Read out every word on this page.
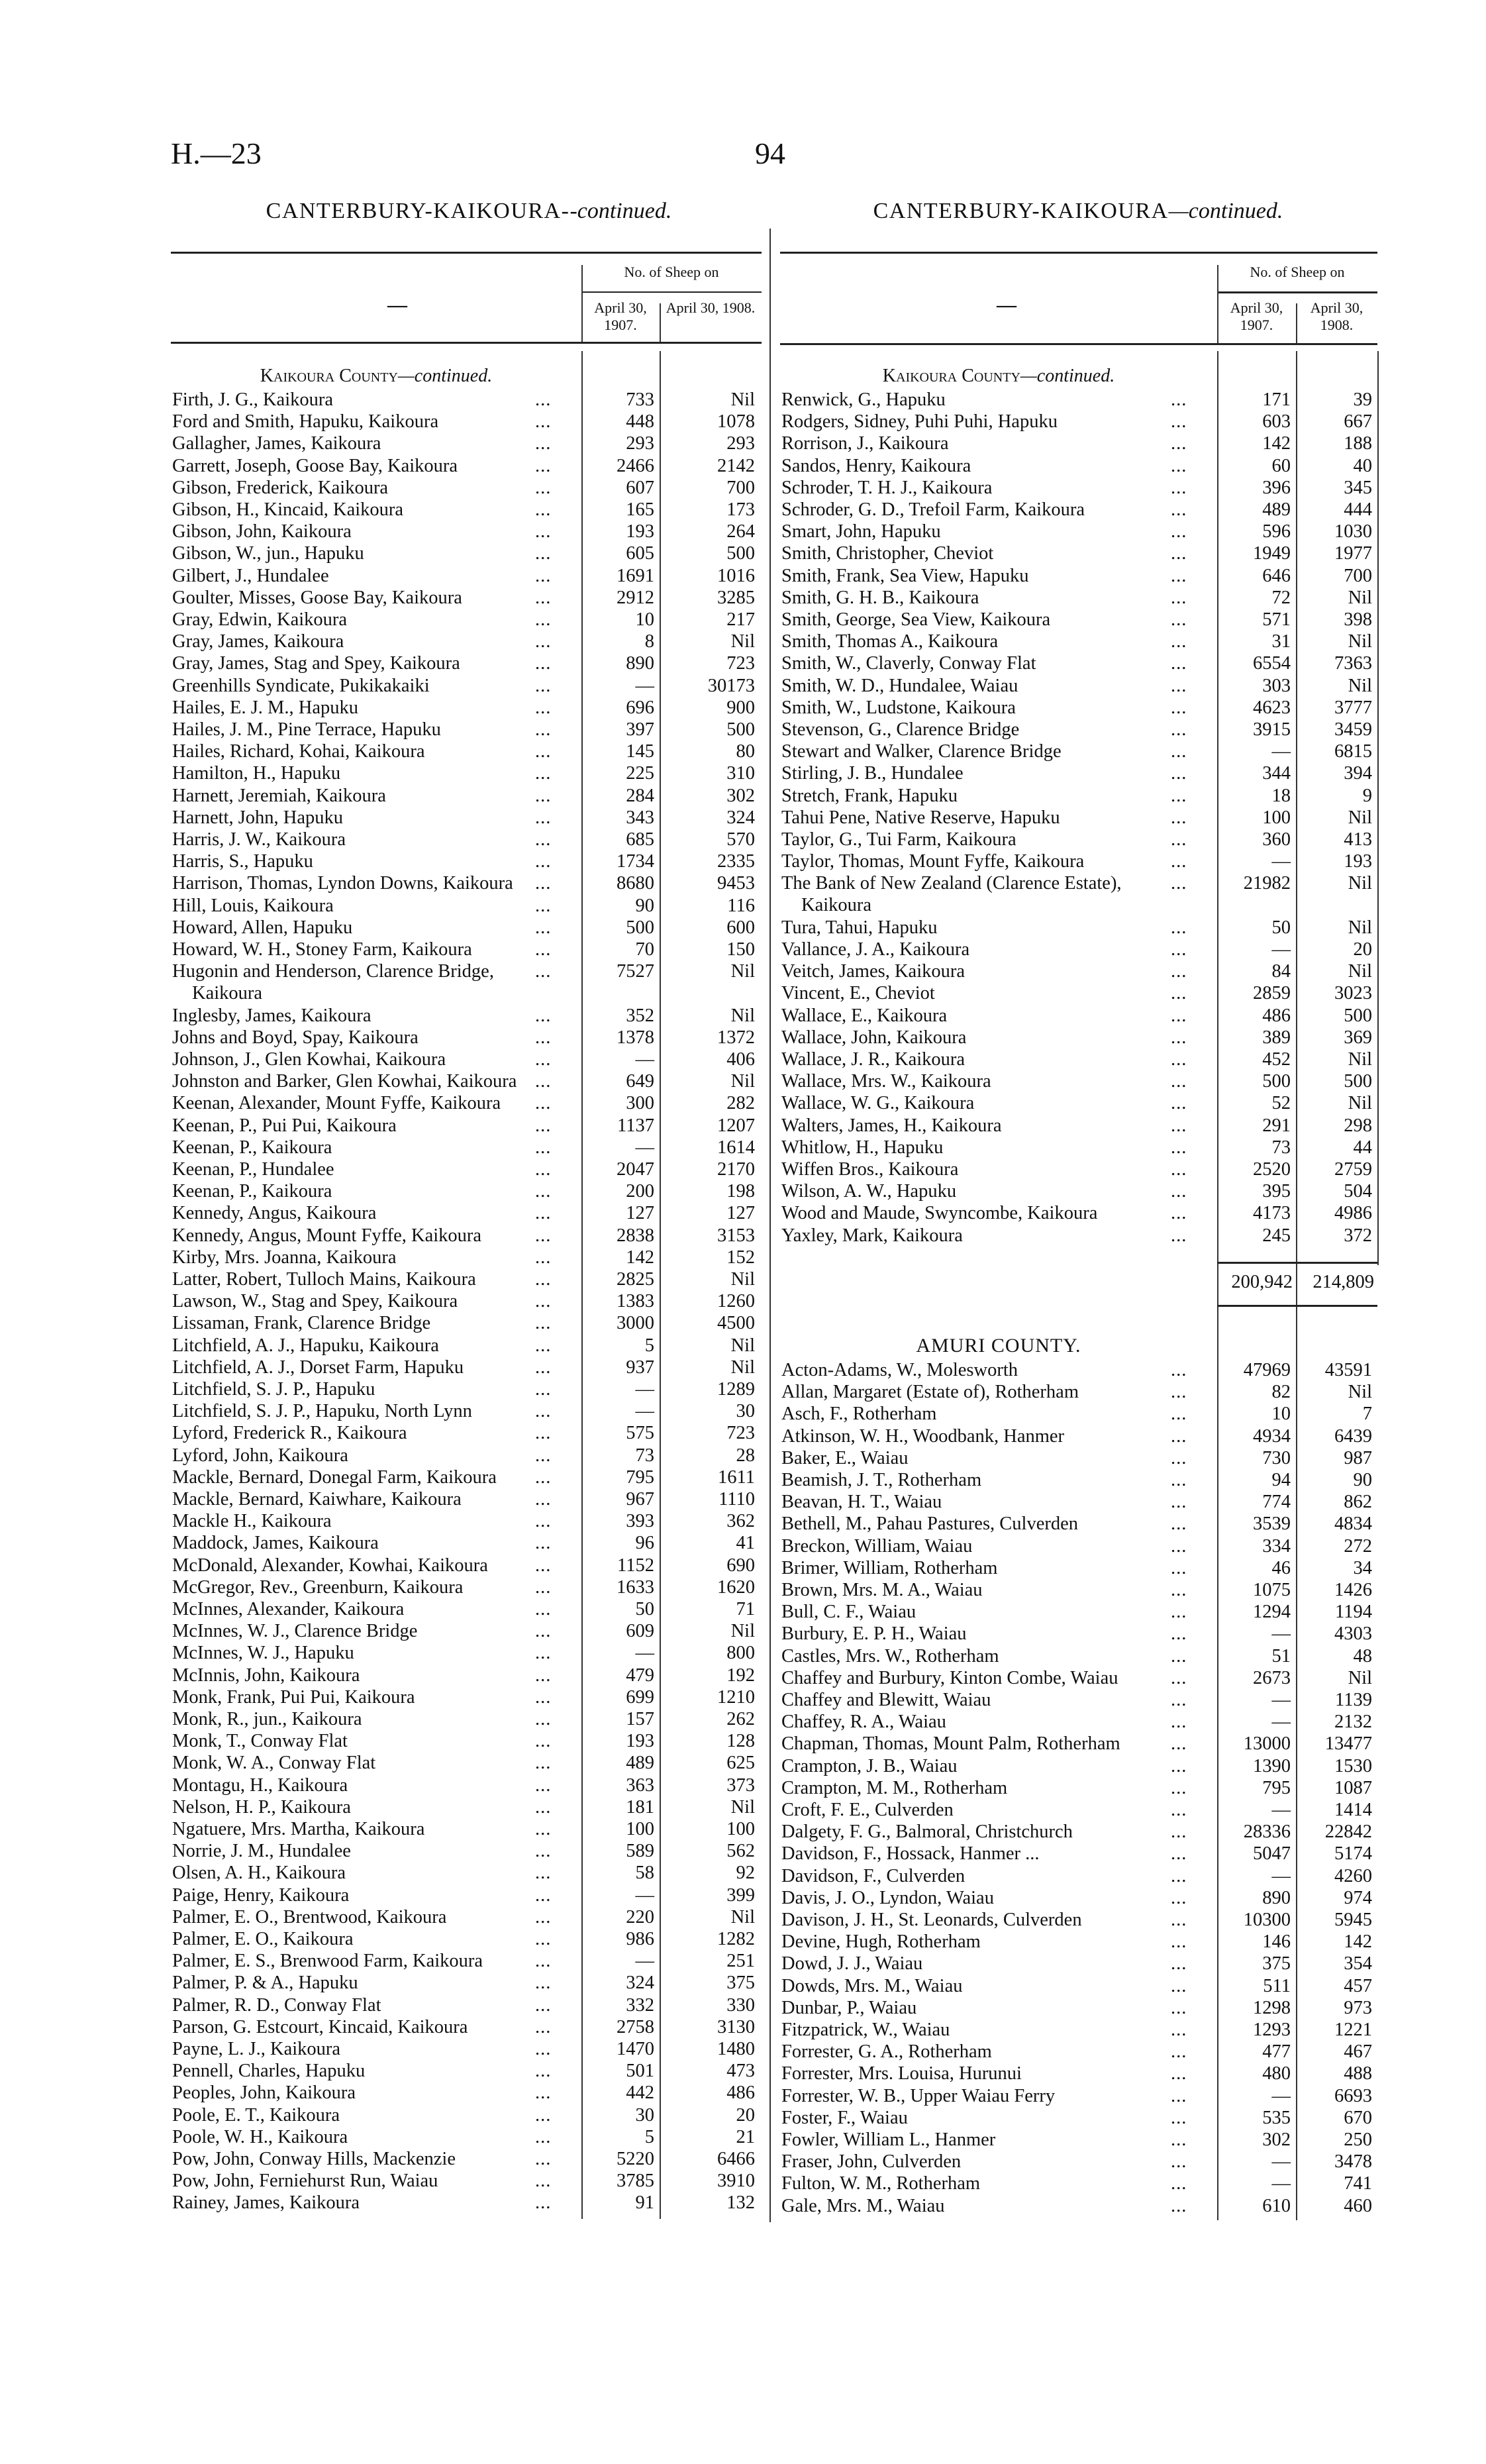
H.—23	94
CANTERBURY-KAIKOURA--continued.
No. of Sheep on
April 30, 1907.
April 30, 1908.
—
Kaikoura County—continued.
...
Firth, J. G., Kaikoura	733	Nil
...
Ford and Smith, Hapuku, Kaikoura	448	1078
...
Gallagher, James, Kaikoura	293	293
...
Garrett, Joseph, Goose Bay, Kaikoura	2466	2142
...
Gibson, Frederick, Kaikoura	607	700
...
Gibson, H., Kincaid, Kaikoura	165	173
...
Gibson, John, Kaikoura	193	264
...
Gibson, W., jun., Hapuku	605	500
...
Gilbert, J., Hundalee	1691	1016
...
Goulter, Misses, Goose Bay, Kaikoura	2912	3285
...
Gray, Edwin, Kaikoura	10	217
...
Gray, James, Kaikoura	8	Nil
...
Gray, James, Stag and Spey, Kaikoura	890	723
...
Greenhills Syndicate, Pukikakaiki	—	30173
...
Hailes, E. J. M., Hapuku	696	900
...
Hailes, J. M., Pine Terrace, Hapuku	397	500
...
Hailes, Richard, Kohai, Kaikoura	145	80
...
Hamilton, H., Hapuku	225	310
...
Harnett, Jeremiah, Kaikoura	284	302
...
Harnett, John, Hapuku	343	324
...
Harris, J. W., Kaikoura	685	570
...
Harris, S., Hapuku	1734	2335
...
Harrison, Thomas, Lyndon Downs, Kaikoura	8680	9453
...
Hill, Louis, Kaikoura	90	116
...
Howard, Allen, Hapuku	500	600
...
Howard, W. H., Stoney Farm, Kaikoura	70	150
...
Hugonin and Henderson, Clarence Bridge,
Kaikoura
7527	Nil
...
Inglesby, James, Kaikoura	352	Nil
...
Johns and Boyd, Spay, Kaikoura	1378	1372
...
Johnson, J., Glen Kowhai, Kaikoura	—	406
...
Johnston and Barker, Glen Kowhai, Kaikoura	649	Nil
...
Keenan, Alexander, Mount Fyffe, Kaikoura	300	282
...
Keenan, P., Pui Pui, Kaikoura	1137	1207
...
Keenan, P., Kaikoura	—	1614
...
Keenan, P., Hundalee	2047	2170
...
Keenan, P., Kaikoura	200	198
...
Kennedy, Angus, Kaikoura	127	127
...
Kennedy, Angus, Mount Fyffe, Kaikoura	2838	3153
...
Kirby, Mrs. Joanna, Kaikoura	142	152
...
Latter, Robert, Tulloch Mains, Kaikoura	2825	Nil
...
Lawson, W., Stag and Spey, Kaikoura	1383	1260
...
Lissaman, Frank, Clarence Bridge	3000	4500
...
Litchfield, A. J., Hapuku, Kaikoura	5	Nil
...
Litchfield, A. J., Dorset Farm, Hapuku	937	Nil
...
Litchfield, S. J. P., Hapuku	—	1289
...
Litchfield, S. J. P., Hapuku, North Lynn	—	30
...
Lyford, Frederick R., Kaikoura	575	723
...
Lyford, John, Kaikoura	73	28
...
Mackle, Bernard, Donegal Farm, Kaikoura	795	1611
...
Mackle, Bernard, Kaiwhare, Kaikoura	967	1110
...
Mackle H., Kaikoura	393	362
...
Maddock, James, Kaikoura	96	41
...
McDonald, Alexander, Kowhai, Kaikoura	1152	690
...
McGregor, Rev., Greenburn, Kaikoura	1633	1620
...
McInnes, Alexander, Kaikoura	50	71
...
McInnes, W. J., Clarence Bridge	609	Nil
...
McInnes, W. J., Hapuku	—	800
...
McInnis, John, Kaikoura	479	192
...
Monk, Frank, Pui Pui, Kaikoura	699	1210
...
Monk, R., jun., Kaikoura	157	262
...
Monk, T., Conway Flat	193	128
...
Monk, W. A., Conway Flat	489	625
...
Montagu, H., Kaikoura	363	373
...
Nelson, H. P., Kaikoura	181	Nil
...
Ngatuere, Mrs. Martha, Kaikoura	100	100
...
Norrie, J. M., Hundalee	589	562
...
Olsen, A. H., Kaikoura	58	92
...
Paige, Henry, Kaikoura	—	399
...
Palmer, E. O., Brentwood, Kaikoura	220	Nil
...
Palmer, E. O., Kaikoura	986	1282
...
Palmer, E. S., Brenwood Farm, Kaikoura	—	251
...
Palmer, P. & A., Hapuku	324	375
...
Palmer, R. D., Conway Flat	332	330
...
Parson, G. Estcourt, Kincaid, Kaikoura	2758	3130
...
Payne, L. J., Kaikoura	1470	1480
...
Pennell, Charles, Hapuku	501	473
...
Peoples, John, Kaikoura	442	486
...
Poole, E. T., Kaikoura	30	20
...
Poole, W. H., Kaikoura	5	21
...
Pow, John, Conway Hills, Mackenzie	5220	6466
...
Pow, John, Ferniehurst Run, Waiau	3785	3910
...
Rainey, James, Kaikoura	91	132
CANTERBURY-KAIKOURA—continued.
No. of Sheep on
April 30, 1907.
April 30, 1908.
—
Kaikoura County—continued.
...
Renwick, G., Hapuku	171	39
...
Rodgers, Sidney, Puhi Puhi, Hapuku	603	667
...
Rorrison, J., Kaikoura	142	188
...
Sandos, Henry, Kaikoura	60	40
...
Schroder, T. H. J., Kaikoura	396	345
...
Schroder, G. D., Trefoil Farm, Kaikoura	489	444
...
Smart, John, Hapuku	596	1030
...
Smith, Christopher, Cheviot	1949	1977
...
Smith, Frank, Sea View, Hapuku	646	700
...
Smith, G. H. B., Kaikoura	72	Nil
...
Smith, George, Sea View, Kaikoura	571	398
...
Smith, Thomas A., Kaikoura	31	Nil
...
Smith, W., Claverly, Conway Flat	6554	7363
...
Smith, W. D., Hundalee, Waiau	303	Nil
...
Smith, W., Ludstone, Kaikoura	4623	3777
...
Stevenson, G., Clarence Bridge	3915	3459
...
Stewart and Walker, Clarence Bridge	—	6815
...
Stirling, J. B., Hundalee	344	394
...
Stretch, Frank, Hapuku	18	9
...
Tahui Pene, Native Reserve, Hapuku	100	Nil
...
Taylor, G., Tui Farm, Kaikoura	360	413
...
Taylor, Thomas, Mount Fyffe, Kaikoura	—	193
...
The Bank of New Zealand (Clarence Estate),
Kaikoura
21982	Nil
...
Tura, Tahui, Hapuku	50	Nil
...
Vallance, J. A., Kaikoura	—	20
...
Veitch, James, Kaikoura	84	Nil
...
Vincent, E., Cheviot	2859	3023
...
Wallace, E., Kaikoura	486	500
...
Wallace, John, Kaikoura	389	369
...
Wallace, J. R., Kaikoura	452	Nil
...
Wallace, Mrs. W., Kaikoura	500	500
...
Wallace, W. G., Kaikoura	52	Nil
...
Walters, James, H., Kaikoura	291	298
...
Whitlow, H., Hapuku	73	44
...
Wiffen Bros., Kaikoura	2520	2759
...
Wilson, A. W., Hapuku	395	504
...
Wood and Maude, Swyncombe, Kaikoura	4173	4986
...
Yaxley, Mark, Kaikoura	245	372
200,942	214,809
AMURI COUNTY.
...
Acton-Adams, W., Molesworth	47969	43591
...
Allan, Margaret (Estate of), Rotherham	82	Nil
...
Asch, F., Rotherham	10	7
...
Atkinson, W. H., Woodbank, Hanmer	4934	6439
...
Baker, E., Waiau	730	987
...
Beamish, J. T., Rotherham	94	90
...
Beavan, H. T., Waiau	774	862
...
Bethell, M., Pahau Pastures, Culverden	3539	4834
...
Breckon, William, Waiau	334	272
...
Brimer, William, Rotherham	46	34
...
Brown, Mrs. M. A., Waiau	1075	1426
...
Bull, C. F., Waiau	1294	1194
...
Burbury, E. P. H., Waiau	—	4303
...
Castles, Mrs. W., Rotherham	51	48
...
Chaffey and Burbury, Kinton Combe, Waiau	2673	Nil
...
Chaffey and Blewitt, Waiau	—	1139
...
Chaffey, R. A., Waiau	—	2132
...
Chapman, Thomas, Mount Palm, Rotherham	13000	13477
...
Crampton, J. B., Waiau	1390	1530
...
Crampton, M. M., Rotherham	795	1087
...
Croft, F. E., Culverden	—	1414
...
Dalgety, F. G., Balmoral, Christchurch	28336	22842
...
Davidson, F., Hossack, Hanmer ...	5047	5174
...
Davidson, F., Culverden	—	4260
...
Davis, J. O., Lyndon, Waiau	890	974
...
Davison, J. H., St. Leonards, Culverden	10300	5945
...
Devine, Hugh, Rotherham	146	142
...
Dowd, J. J., Waiau	375	354
...
Dowds, Mrs. M., Waiau	511	457
...
Dunbar, P., Waiau	1298	973
...
Fitzpatrick, W., Waiau	1293	1221
...
Forrester, G. A., Rotherham	477	467
...
Forrester, Mrs. Louisa, Hurunui	480	488
...
Forrester, W. B., Upper Waiau Ferry	—	6693
...
Foster, F., Waiau	535	670
...
Fowler, William L., Hanmer	302	250
...
Fraser, John, Culverden	—	3478
...
Fulton, W. M., Rotherham	—	741
...
Gale, Mrs. M., Waiau	610	460
